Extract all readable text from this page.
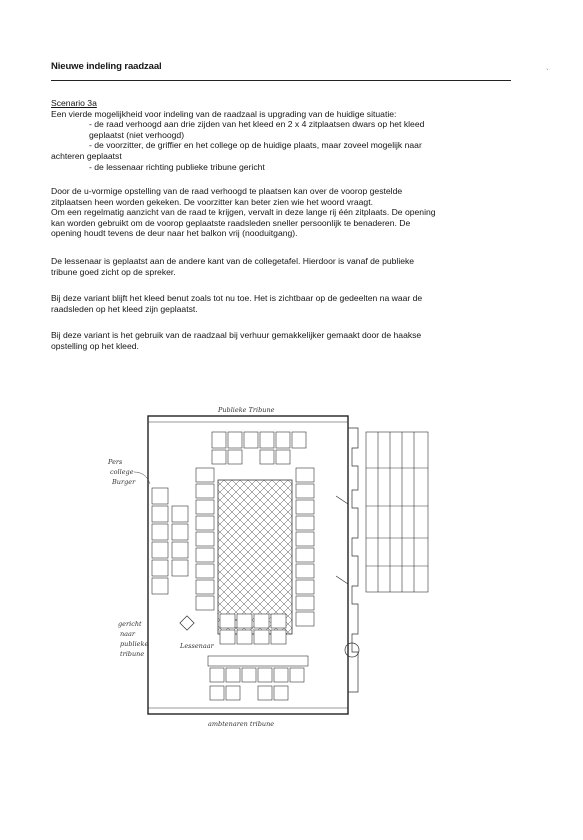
Nieuwe indeling raadzaal
`

Scenario 3a

Een vierde mogelijkheid voor indeling van de raadzaal is upgrading van de huidige situatie:

- de raad verhoogd aan drie zijden van het kleed en 2 x 4 zitplaatsen dwars op het kleed

geplaatst (niet verhoogd)

- de voorzitter, de griffier en het college op de huidige plaats, maar zoveel mogelijk naar

achteren geplaatst

- de lessenaar richting publieke tribune gericht

Door de u-vormige opstelling van de raad verhoogd te plaatsen kan over de voorop gestelde

zitplaatsen heen worden gekeken. De voorzitter kan beter zien wie het woord vraagt.

Om een regelmatig aanzicht van de raad te krijgen, vervalt in deze lange rij één zitplaats. De opening

kan worden gebruikt om de voorop geplaatste raadsleden sneller persoonlijk te benaderen. De

opening houdt tevens de deur naar het balkon vrij (nooduitgang).

De lessenaar is geplaatst aan de andere kant van de collegetafel. Hierdoor is vanaf de publieke

tribune goed zicht op de spreker.

Bij deze variant blijft het kleed benut zoals tot nu toe. Het is zichtbaar op de gedeelten na waar de

raadsleden op het kleed zijn geplaatst.

Bij deze variant is het gebruik van de raadzaal bij verhuur gemakkelijker gemaakt door de haakse

opstelling op het kleed.

Publieke Tribune
Lessenaar
ambtenaren tribune
Pers
college
Burger
gericht
naar
publieke
tribune
